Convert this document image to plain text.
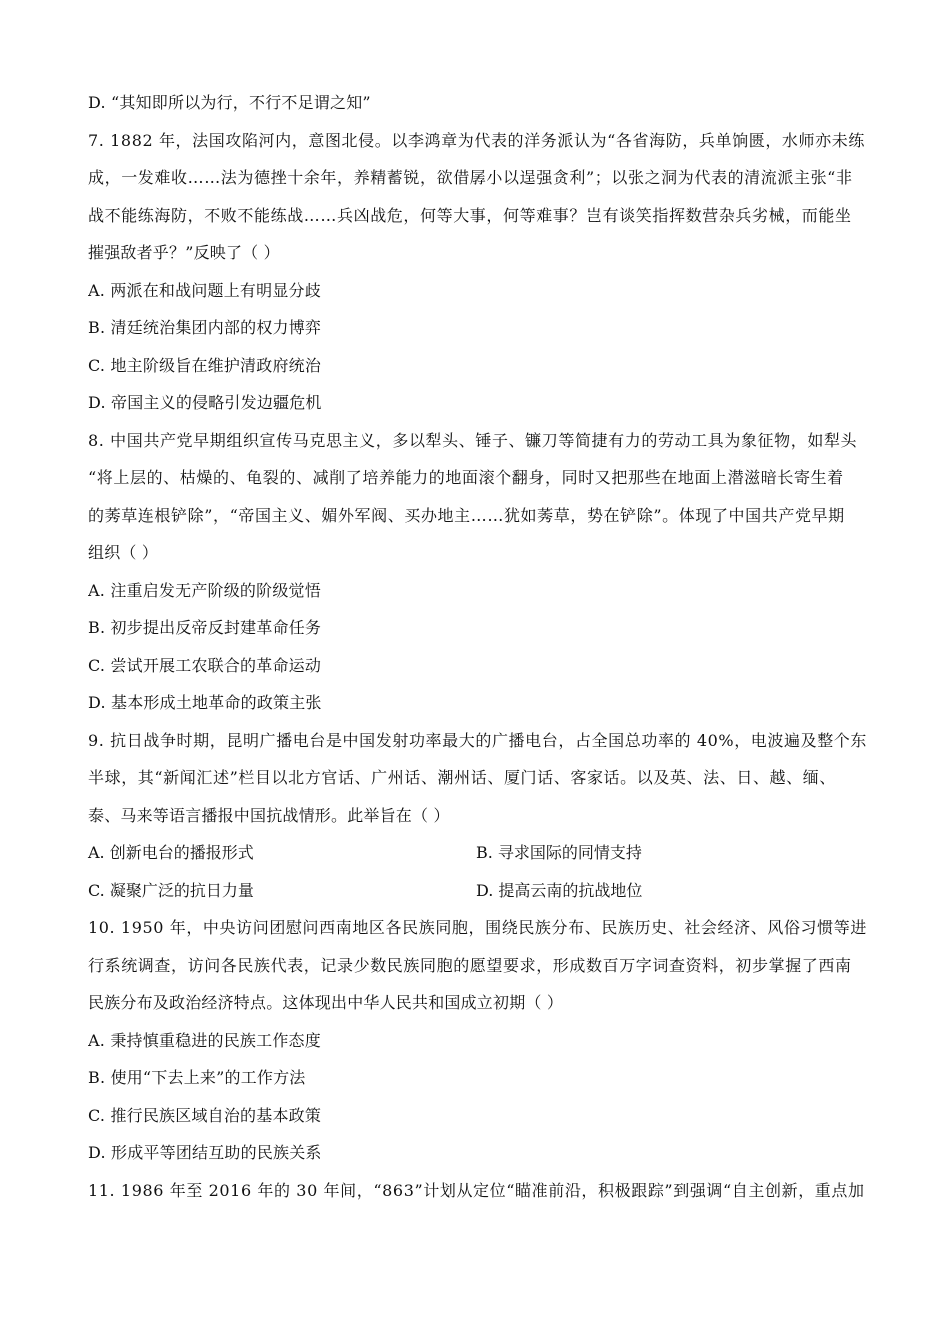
D. “其知即所以为行，不行不足谓之知”
7. 1882 年，法国攻陷河内，意图北侵。以李鸿章为代表的洋务派认为“各省海防，兵单饷匮，水师亦未练
成，一发难收……法为德挫十余年，养精蓄锐，欲借孱小以逞强贪利”；以张之洞为代表的清流派主张“非
战不能练海防，不败不能练战……兵凶战危，何等大事，何等难事？岂有谈笑指挥数营杂兵劣械，而能坐
摧强敌者乎？”反映了（ ）
A. 两派在和战问题上有明显分歧
B. 清廷统治集团内部的权力博弈
C. 地主阶级旨在维护清政府统治
D. 帝国主义的侵略引发边疆危机
8. 中国共产党早期组织宣传马克思主义，多以犁头、锤子、镰刀等简捷有力的劳动工具为象征物，如犁头
“将上层的、枯燥的、龟裂的、减削了培养能力的地面滚个翻身，同时又把那些在地面上潜滋暗长寄生着
的莠草连根铲除”，“帝国主义、媚外军阀、买办地主……犹如莠草，势在铲除”。体现了中国共产党早期
组织（ ）
A. 注重启发无产阶级的阶级觉悟
B. 初步提出反帝反封建革命任务
C. 尝试开展工农联合的革命运动
D. 基本形成土地革命的政策主张
9. 抗日战争时期，昆明广播电台是中国发射功率最大的广播电台，占全国总功率的 40%，电波遍及整个东
半球，其“新闻汇述”栏目以北方官话、广州话、潮州话、厦门话、客家话。以及英、法、日、越、缅、
泰、马来等语言播报中国抗战情形。此举旨在（ ）
A. 创新电台的播报形式	B. 寻求国际的同情支持
C. 凝聚广泛的抗日力量	D. 提高云南的抗战地位
10. 1950 年，中央访问团慰问西南地区各民族同胞，围绕民族分布、民族历史、社会经济、风俗习惯等进
行系统调查，访问各民族代表，记录少数民族同胞的愿望要求，形成数百万字词查资料，初步掌握了西南
民族分布及政治经济特点。这体现出中华人民共和国成立初期（ ）
A. 秉持慎重稳进的民族工作态度
B. 使用“下去上来”的工作方法
C. 推行民族区域自治的基本政策
D. 形成平等团结互助的民族关系
11. 1986 年至 2016 年的 30 年间，“863”计划从定位“瞄准前沿，积极跟踪”到强调“自主创新，重点加
